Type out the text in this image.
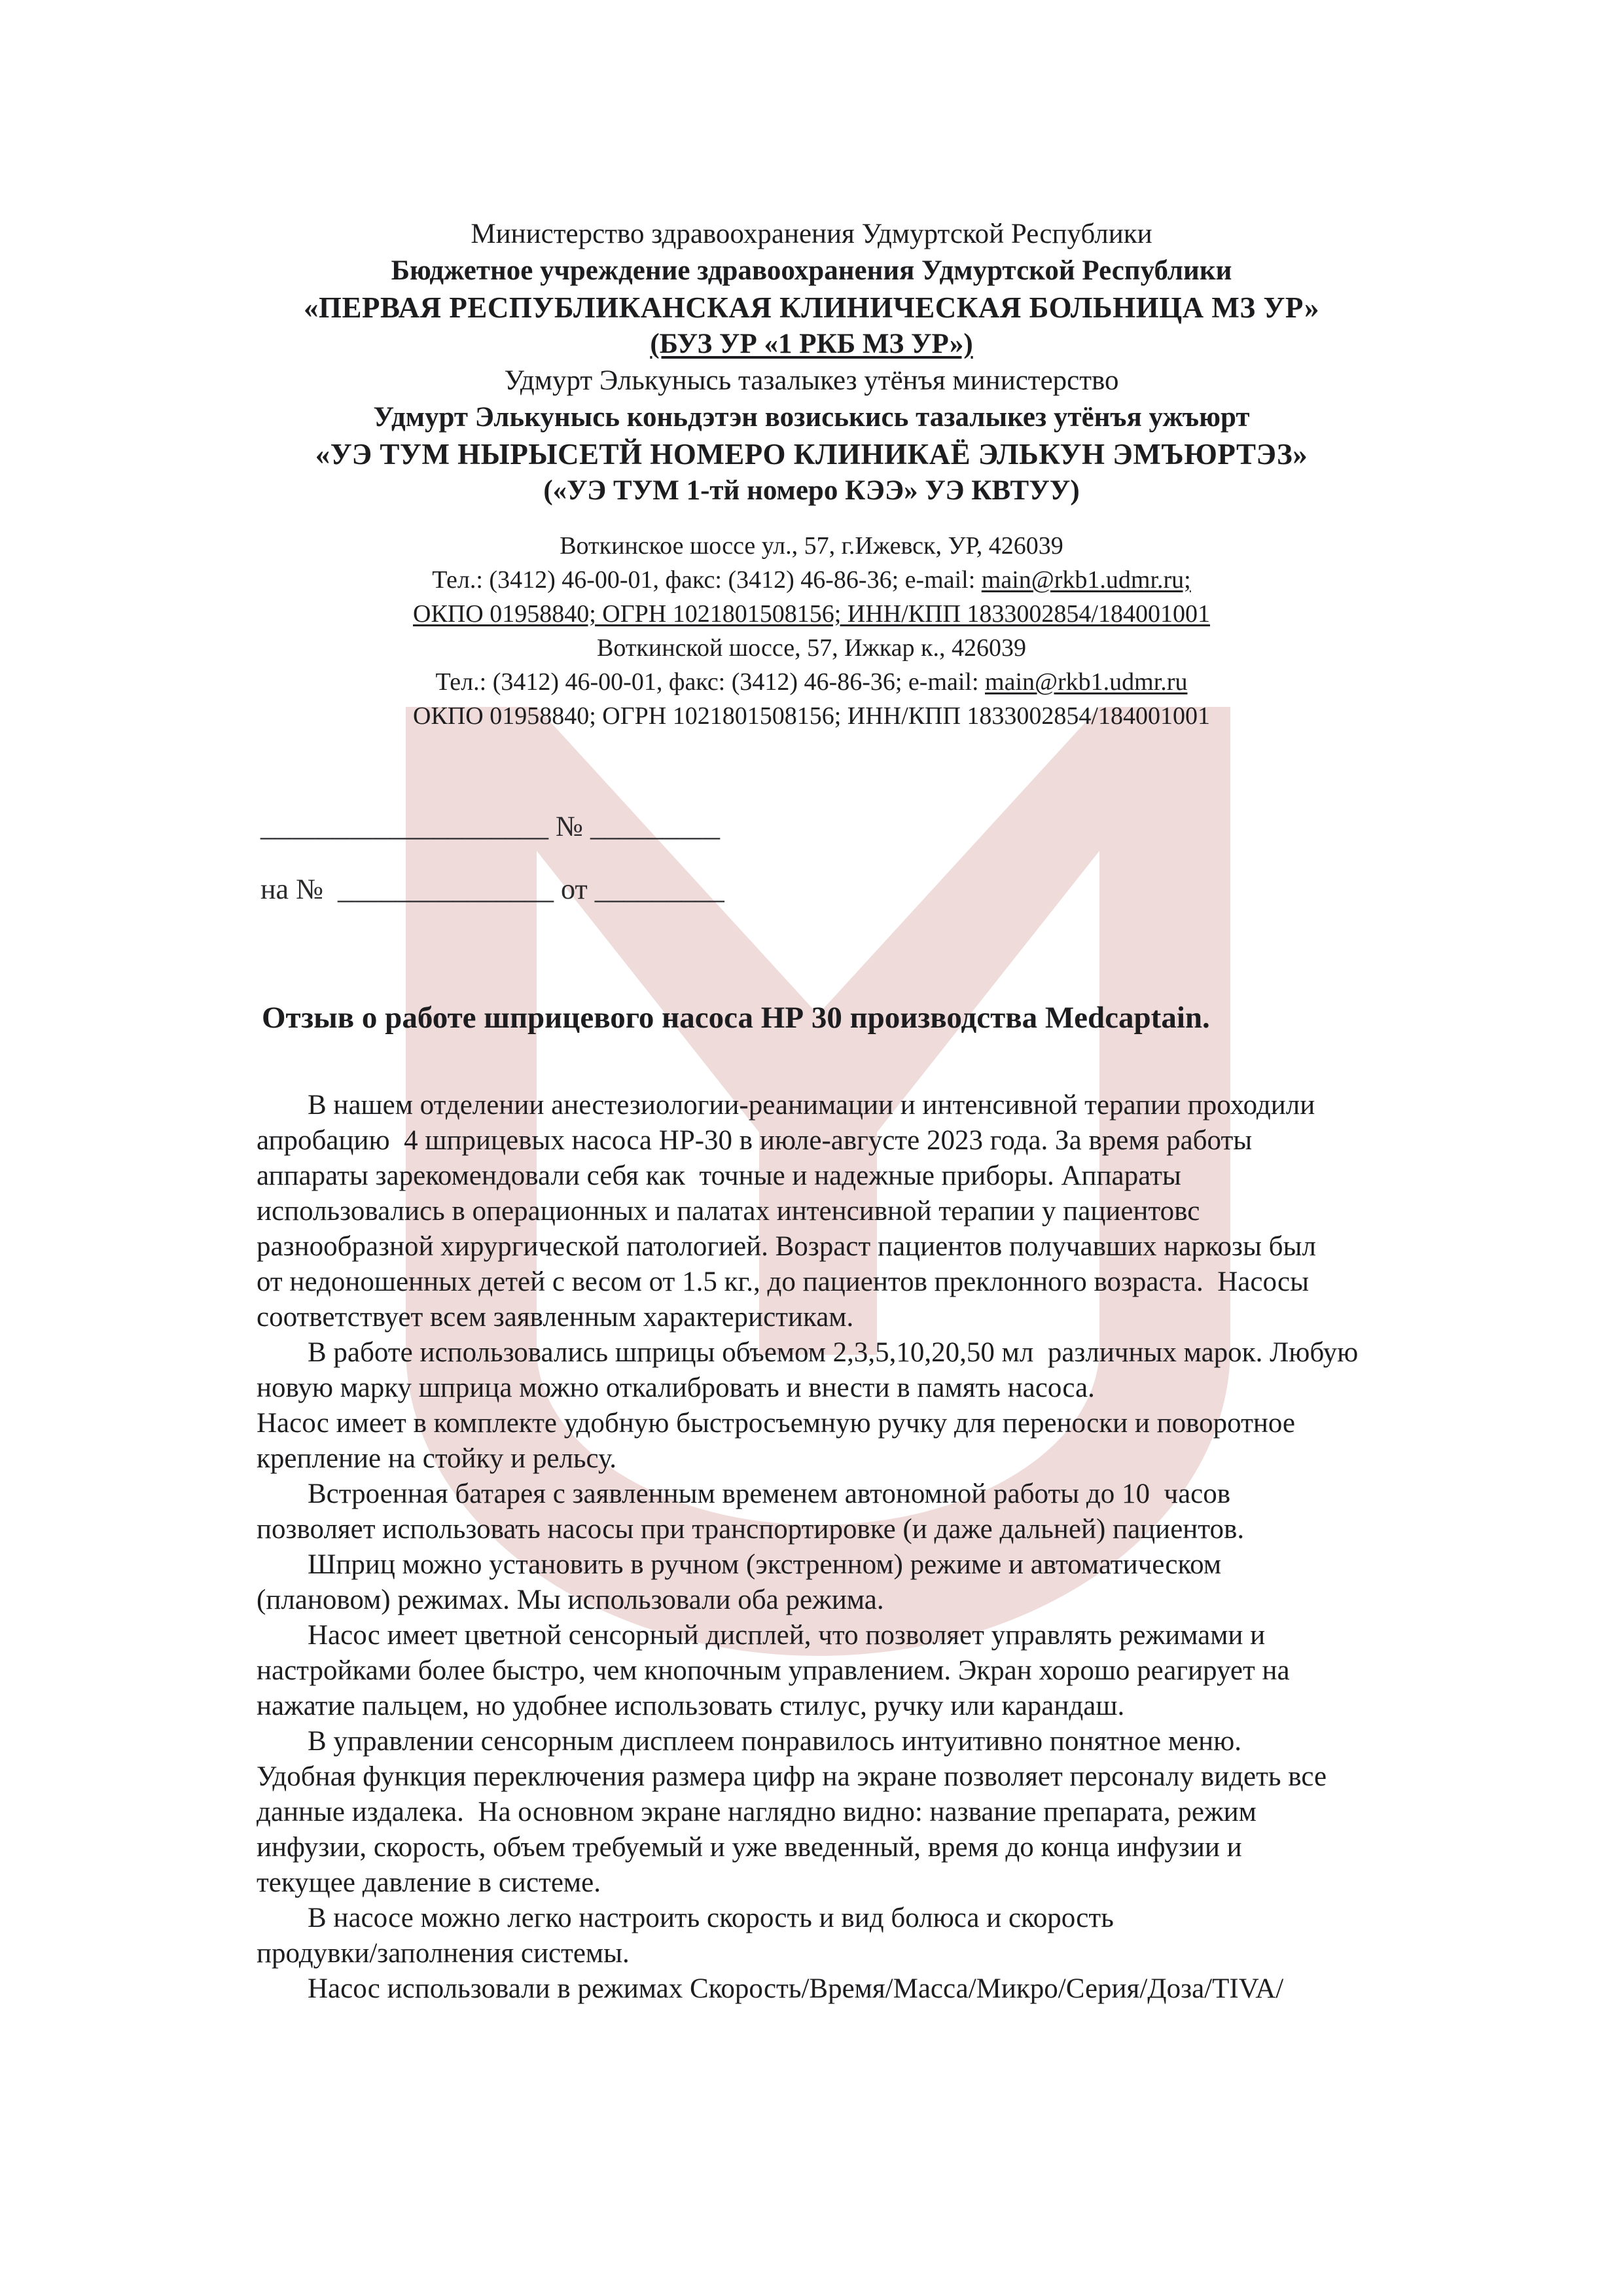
Министерство здравоохранения Удмуртской Республики
Бюджетное учреждение здравоохранения Удмуртской Республики
«ПЕРВАЯ РЕСПУБЛИКАНСКАЯ КЛИНИЧЕСКАЯ БОЛЬНИЦА МЗ УР»
(БУЗ УР «1 РКБ МЗ УР»)
Удмурт Элькунысь тазалыкез утёнъя министерство
Удмурт Элькунысь коньдэтэн возиськись тазалыкез утёнъя ужъюрт
«УЭ ТУМ НЫРЫСЕТЙ НОМЕРО КЛИНИКАЁ ЭЛЬКУН ЭМЪЮРТЭЗ»
(«УЭ ТУМ 1-тй номеро КЭЭ» УЭ КВТУУ)
Воткинское шоссе ул., 57, г.Ижевск, УР, 426039
Тел.: (3412) 46-00-01, факс: (3412) 46-86-36; e-mail: main@rkb1.udmr.ru;
ОКПО 01958840; ОГРН 1021801508156; ИНН/КПП 1833002854/184001001
Воткинской шоссе, 57, Ижкар к., 426039
Тел.: (3412) 46-00-01, факс: (3412) 46-86-36; e-mail: main@rkb1.udmr.ru
ОКПО 01958840; ОГРН 1021801508156; ИНН/КПП 1833002854/184001001
____________________ № _________
на №  _______________ от _________
Отзыв о работе шприцевого насоса НР 30 производства Medcaptain.
В нашем отделении анестезиологии-реанимации и интенсивной терапии проходили
апробацию  4 шприцевых насоса НР-30 в июле-августе 2023 года. За время работы
аппараты зарекомендовали себя как  точные и надежные приборы. Аппараты
использовались в операционных и палатах интенсивной терапии у пациентовс
разнообразной хирургической патологией. Возраст пациентов получавших наркозы был
от недоношенных детей с весом от 1.5 кг., до пациентов преклонного возраста.  Насосы
соответствует всем заявленным характеристикам.
В работе использовались шприцы объемом 2,3,5,10,20,50 мл  различных марок. Любую
новую марку шприца можно откалибровать и внести в память насоса.
Насос имеет в комплекте удобную быстросъемную ручку для переноски и поворотное
крепление на стойку и рельсу.
Встроенная батарея с заявленным временем автономной работы до 10  часов
позволяет использовать насосы при транспортировке (и даже дальней) пациентов.
Шприц можно установить в ручном (экстренном) режиме и автоматическом
(плановом) режимах. Мы использовали оба режима.
Насос имеет цветной сенсорный дисплей, что позволяет управлять режимами и
настройками более быстро, чем кнопочным управлением. Экран хорошо реагирует на
нажатие пальцем, но удобнее использовать стилус, ручку или карандаш.
В управлении сенсорным дисплеем понравилось интуитивно понятное меню.
Удобная функция переключения размера цифр на экране позволяет персоналу видеть все
данные издалека.  На основном экране наглядно видно: название препарата, режим
инфузии, скорость, объем требуемый и уже введенный, время до конца инфузии и
текущее давление в системе.
В насосе можно легко настроить скорость и вид болюса и скорость
продувки/заполнения системы.
Насос использовали в режимах Скорость/Время/Масса/Микро/Серия/Доза/TIVA/
